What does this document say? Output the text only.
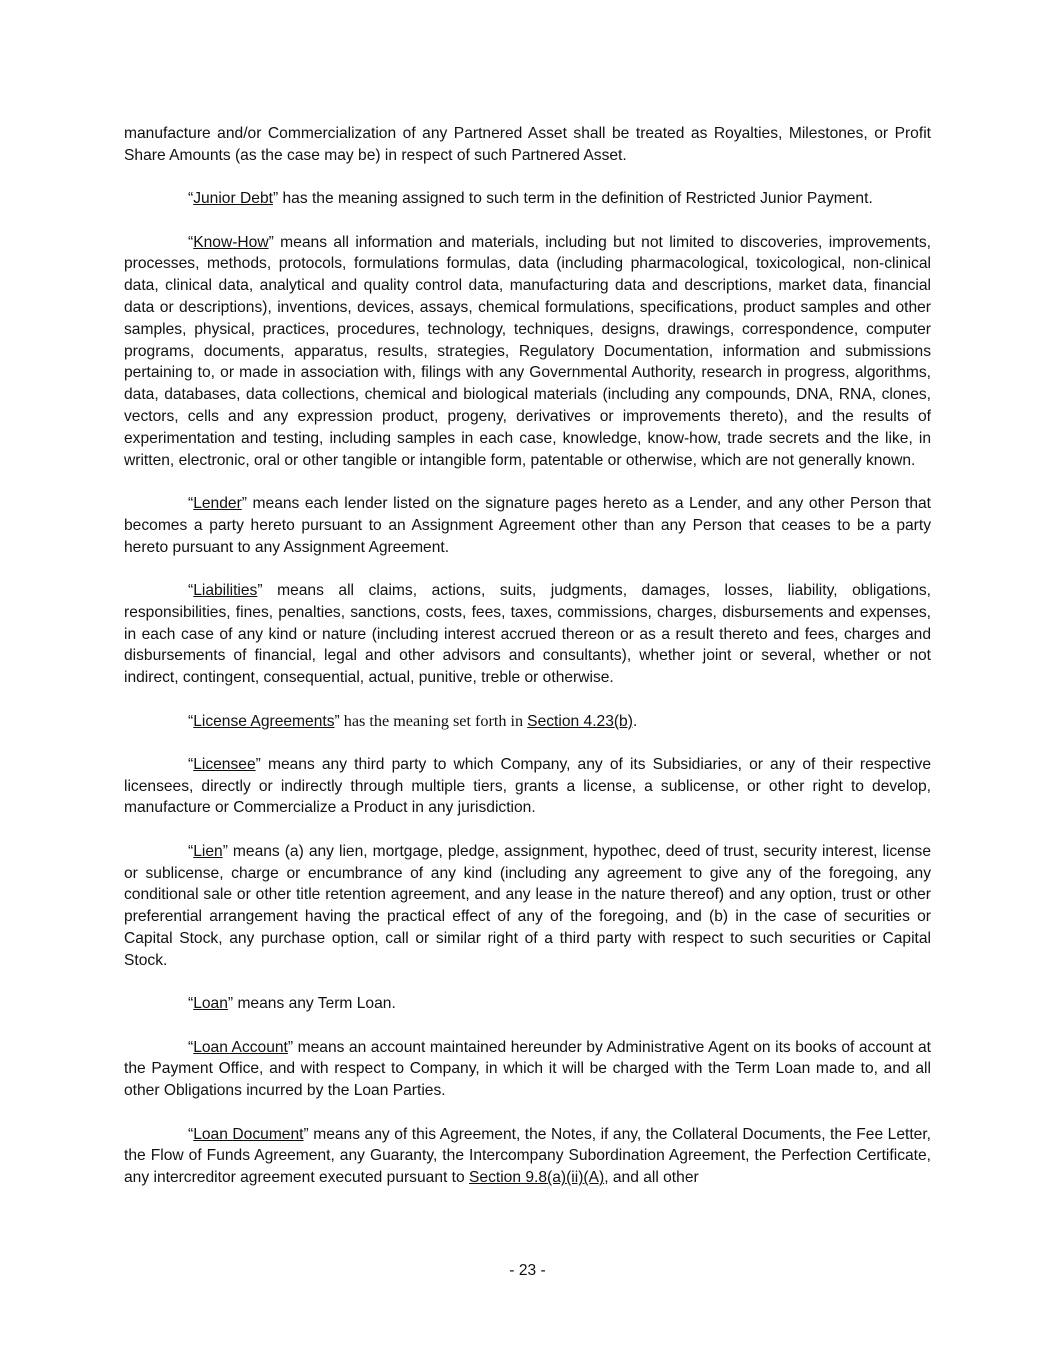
manufacture and/or Commercialization of any Partnered Asset shall be treated as Royalties, Milestones, or Profit Share Amounts (as the case may be) in respect of such Partnered Asset.

“Junior Debt” has the meaning assigned to such term in the definition of Restricted Junior Payment.

“Know-How” means all information and materials, including but not limited to discoveries, improvements, processes, methods, protocols, formulations formulas, data (including pharmacological, toxicological, non-clinical data, clinical data, analytical and quality control data, manufacturing data and descriptions, market data, financial data or descriptions), inventions, devices, assays, chemical formulations, specifications, product samples and other samples, physical, practices, procedures, technology, techniques, designs, drawings, correspondence, computer programs, documents, apparatus, results, strategies, Regulatory Documentation, information and submissions pertaining to, or made in association with, filings with any Governmental Authority, research in progress, algorithms, data, databases, data collections, chemical and biological materials (including any compounds, DNA, RNA, clones, vectors, cells and any expression product, progeny, derivatives or improvements thereto), and the results of experimentation and testing, including samples in each case, knowledge, know-how, trade secrets and the like, in written, electronic, oral or other tangible or intangible form, patentable or otherwise, which are not generally known.

“Lender” means each lender listed on the signature pages hereto as a Lender, and any other Person that becomes a party hereto pursuant to an Assignment Agreement other than any Person that ceases to be a party hereto pursuant to any Assignment Agreement.

“Liabilities” means all claims, actions, suits, judgments, damages, losses, liability, obligations, responsibilities, fines, penalties, sanctions, costs, fees, taxes, commissions, charges, disbursements and expenses, in each case of any kind or nature (including interest accrued thereon or as a result thereto and fees, charges and disbursements of financial, legal and other advisors and consultants), whether joint or several, whether or not indirect, contingent, consequential, actual, punitive, treble or otherwise.

“License Agreements” has the meaning set forth in Section 4.23(b).

“Licensee” means any third party to which Company, any of its Subsidiaries, or any of their respective licensees, directly or indirectly through multiple tiers, grants a license, a sublicense, or other right to develop, manufacture or Commercialize a Product in any jurisdiction.

“Lien” means (a) any lien, mortgage, pledge, assignment, hypothec, deed of trust, security interest, license or sublicense, charge or encumbrance of any kind (including any agreement to give any of the foregoing, any conditional sale or other title retention agreement, and any lease in the nature thereof) and any option, trust or other preferential arrangement having the practical effect of any of the foregoing, and (b) in the case of securities or Capital Stock, any purchase option, call or similar right of a third party with respect to such securities or Capital Stock.

“Loan” means any Term Loan.

“Loan Account” means an account maintained hereunder by Administrative Agent on its books of account at the Payment Office, and with respect to Company, in which it will be charged with the Term Loan made to, and all other Obligations incurred by the Loan Parties.

“Loan Document” means any of this Agreement, the Notes, if any, the Collateral Documents, the Fee Letter, the Flow of Funds Agreement, any Guaranty, the Intercompany Subordination Agreement, the Perfection Certificate, any intercreditor agreement executed pursuant to Section 9.8(a)(ii)(A), and all other

- 23 -
